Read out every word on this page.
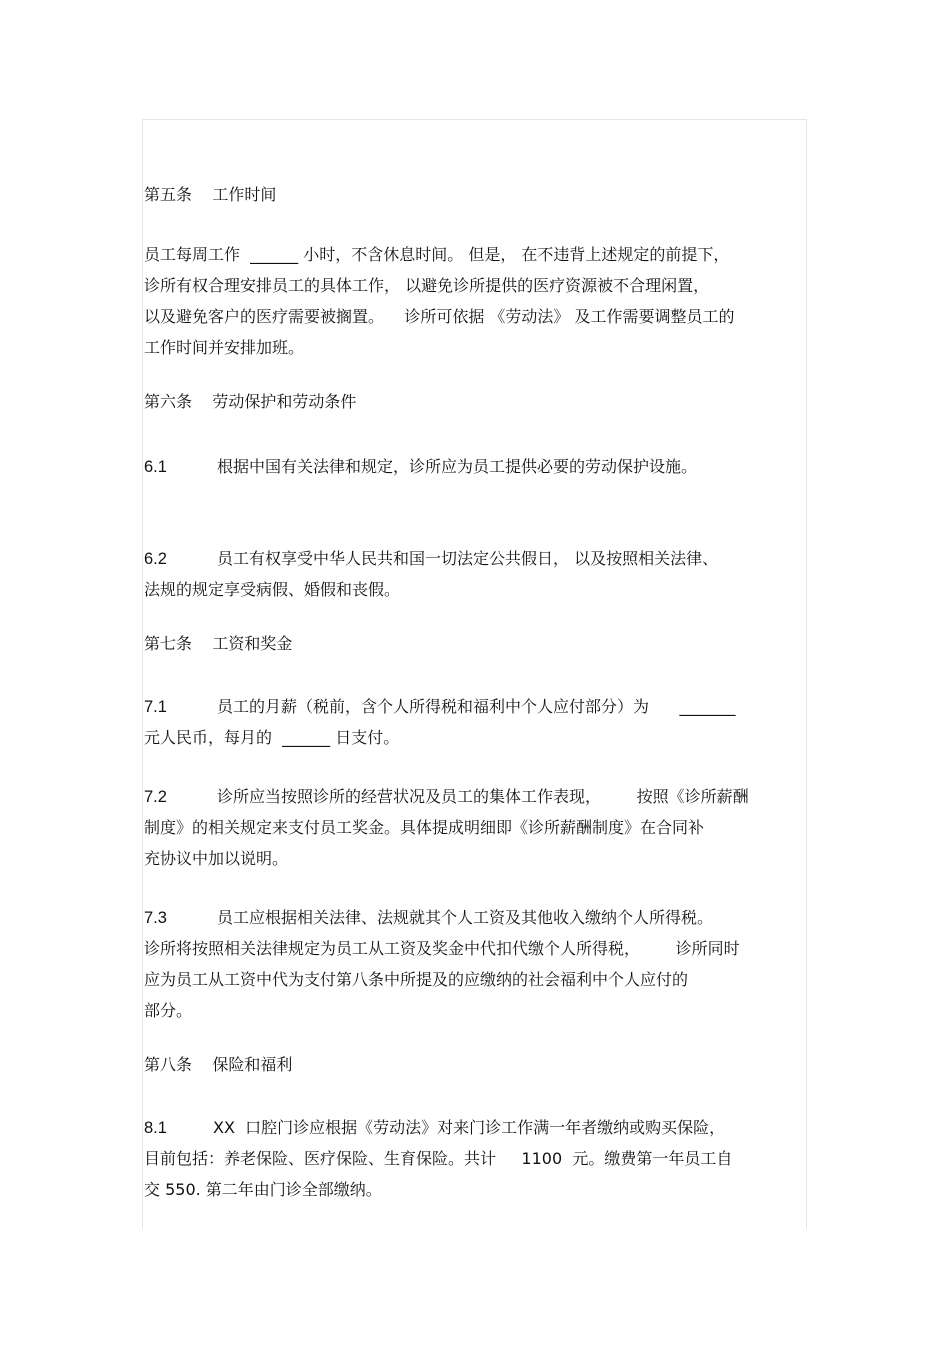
第五条    工作时间
员工每周工作  ______ 小时，不含休息时间。 但是， 在不违背上述规定的前提下，
诊所有权合理安排员工的具体工作， 以避免诊所提供的医疗资源被不合理闲置，
以及避免客户的医疗需要被搁置。    诊所可依据 《劳动法》 及工作需要调整员工的
工作时间并安排加班。
第六条    劳动保护和劳动条件
6.1	根据中国有关法律和规定，诊所应为员工提供必要的劳动保护设施。
6.2	员工有权享受中华人民共和国一切法定公共假日， 以及按照相关法律、
法规的规定享受病假、婚假和丧假。
第七条    工资和奖金
7.1	员工的月薪（税前，含个人所得税和福利中个人应付部分）为      _______
元人民币，每月的  ______ 日支付。
7.2	诊所应当按照诊所的经营状况及员工的集体工作表现，       按照《诊所薪酬
制度》的相关规定来支付员工奖金。具体提成明细即《诊所薪酬制度》在合同补
充协议中加以说明。
7.3	员工应根据相关法律、法规就其个人工资及其他收入缴纳个人所得税。
诊所将按照相关法律规定为员工从工资及奖金中代扣代缴个人所得税，       诊所同时
应为员工从工资中代为支付第八条中所提及的应缴纳的社会福利中个人应付的
部分。
第八条    保险和福利
8.1	XX  口腔门诊应根据《劳动法》对来门诊工作满一年者缴纳或购买保险，
目前包括：养老保险、医疗保险、生育保险。共计     1100  元。缴费第一年员工自
交 550. 第二年由门诊全部缴纳。
